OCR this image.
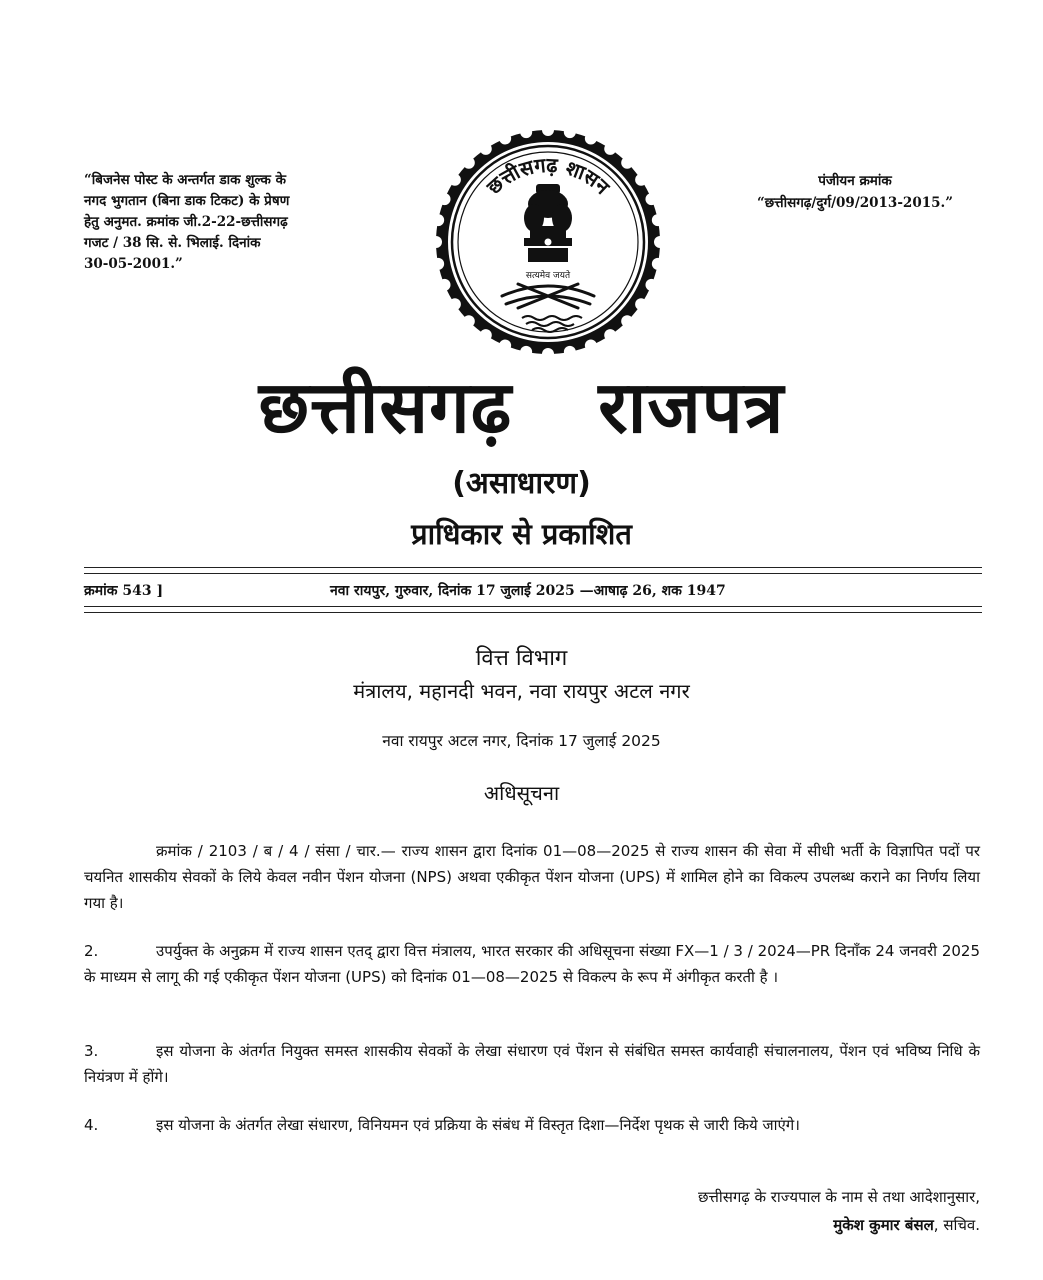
“बिजनेस पोस्ट के अन्तर्गत डाक शुल्क के
नगद भुगतान (बिना डाक टिकट) के प्रेषण
हेतु अनुमत. क्रमांक जी.2-22-छत्तीसगढ़
गजट / 38 सि. से. भिलाई. दिनांक
30-05-2001.”
पंजीयन क्रमांक
“छत्तीसगढ़/दुर्ग/09/2013-2015.”
छत्तीसगढ़ शासन
सत्यमेव जयते
छत्तीसगढ़ राजपत्र
(असाधारण)
प्राधिकार से प्रकाशित
क्रमांक 543 ]	नवा रायपुर, गुरुवार, दिनांक 17 जुलाई 2025 —आषाढ़ 26, शक 1947
वित्त विभाग
मंत्रालय, महानदी भवन, नवा रायपुर अटल नगर
नवा रायपुर अटल नगर, दिनांक 17 जुलाई 2025
अधिसूचना
क्रमांक / 2103 / ब / 4 / संसा / चार.— राज्य शासन द्वारा दिनांक 01—08—2025 से राज्य शासन की सेवा में सीधी भर्ती के विज्ञापित पदों पर चयनित शासकीय सेवकों के लिये केवल नवीन पेंशन योजना (NPS) अथवा एकीकृत पेंशन योजना (UPS) में शामिल होने का विकल्प उपलब्ध कराने का निर्णय लिया गया है।
2.	उपर्युक्त के अनुक्रम में राज्य शासन एतद् द्वारा वित्त मंत्रालय, भारत सरकार की अधिसूचना संख्या FX—1 / 3 / 2024—PR दिनाँक 24 जनवरी 2025 के माध्यम से लागू की गई एकीकृत पेंशन योजना (UPS) को दिनांक 01—08—2025 से विकल्प के रूप में अंगीकृत करती है ।
3.	इस योजना के अंतर्गत नियुक्त समस्त शासकीय सेवकों के लेखा संधारण एवं पेंशन से संबंधित समस्त कार्यवाही संचालनालय, पेंशन एवं भविष्य निधि के नियंत्रण में होंगे।
4.	इस योजना के अंतर्गत लेखा संधारण, विनियमन एवं प्रक्रिया के संबंध में विस्तृत दिशा—निर्देश पृथक से जारी किये जाएंगे।
छत्तीसगढ़ के राज्यपाल के नाम से तथा आदेशानुसार,
मुकेश कुमार बंसल, सचिव.
